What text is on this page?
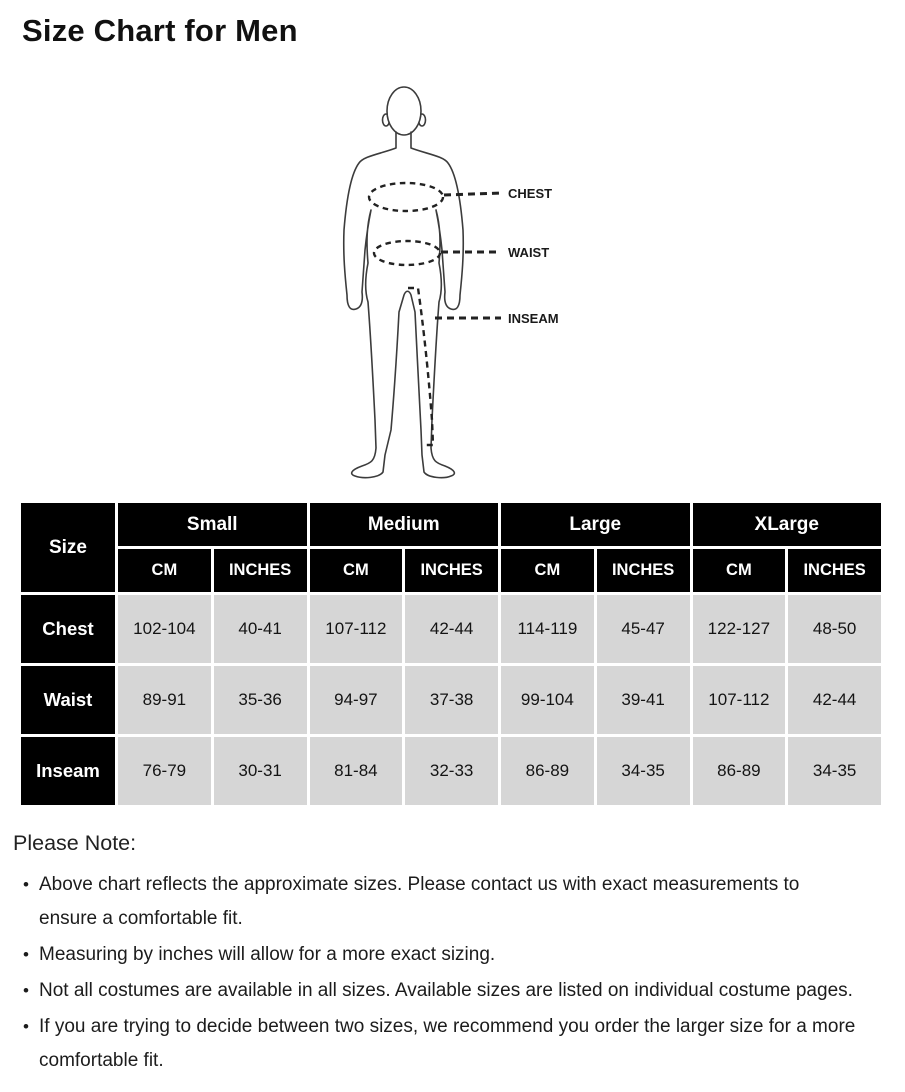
Size Chart for Men
CHEST
WAIST
INSEAM
Size	Small		Medium		Large		XLarge	
	CM	INCHES	CM	INCHES	CM	INCHES	CM	INCHES
Chest	102-104	40-41	107-112	42-44	114-119	45-47	122-127	48-50
Waist	89-91	35-36	94-97	37-38	99-104	39-41	107-112	42-44
Inseam	76-79	30-31	81-84	32-33	86-89	34-35	86-89	34-35

Please Note:

• Above chart reflects the approximate sizes. Please contact us with exact measurements to
ensure a comfortable fit.
• Measuring by inches will allow for a more exact sizing.
• Not all costumes are available in all sizes. Available sizes are listed on individual costume pages.
• If you are trying to decide between two sizes, we recommend you order the larger size for a more
comfortable fit.
